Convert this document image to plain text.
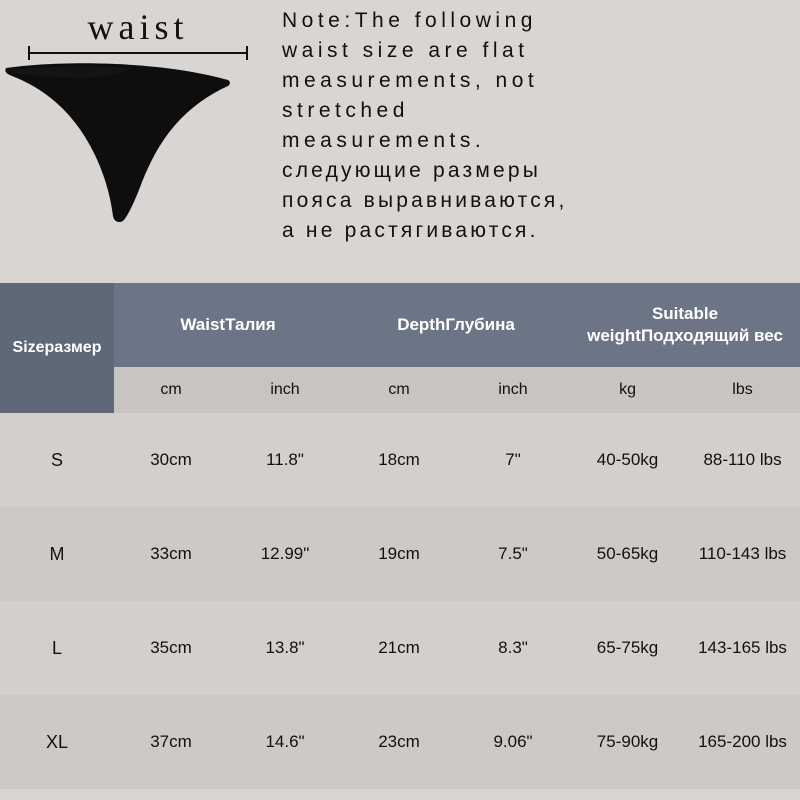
waist	Note:The following
waist size are flat
measurements, not
stretched
measurements.
следующие размеры
пояса выравниваются,
а не растягиваются.
Sizeразмер	WaistТалия		DepthГлубина		Suitable weightПодходящий вес	
	cm	inch	cm	inch	kg	lbs
S	30cm	11.8"	18cm	7"	40-50kg	88-110 lbs
M	33cm	12.99"	19cm	7.5"	50-65kg	110-143 lbs
L	35cm	13.8"	21cm	8.3"	65-75kg	143-165 lbs
XL	37cm	14.6"	23cm	9.06"	75-90kg	165-200 lbs
